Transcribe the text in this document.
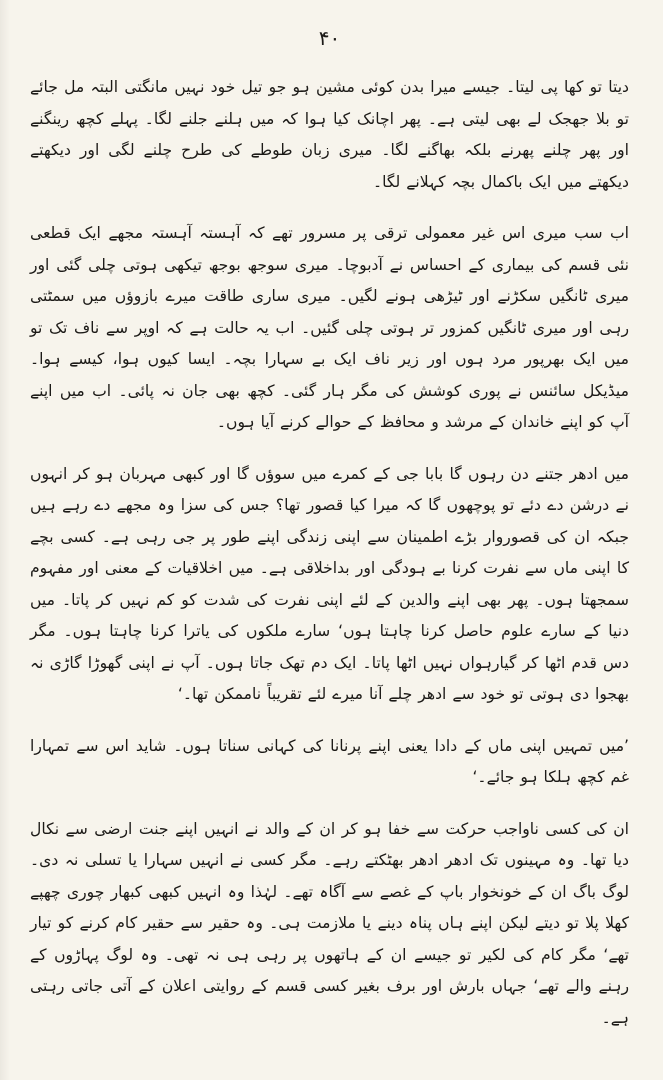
۴۰

دیتا تو کھا پی لیتا۔ جیسے میرا بدن کوئی مشین ہو جو تیل خود نہیں مانگتی البتہ مل جائے تو بلا جھجک لے بھی لیتی ہے۔ پھر اچانک کیا ہوا کہ میں ہلنے جلنے لگا۔ پہلے کچھ رینگنے اور پھر چلنے پھرنے بلکہ بھاگنے لگا۔ میری زبان طوطے کی طرح چلنے لگی اور دیکھتے دیکھتے میں ایک باکمال بچہ کہلانے لگا۔

اب سب میری اس غیر معمولی ترقی پر مسرور تھے کہ آہستہ آہستہ مجھے ایک قطعی نئی قسم کی بیماری کے احساس نے آدبوچا۔ میری سوجھ بوجھ تیکھی ہوتی چلی گئی اور میری ٹانگیں سکڑنے اور ٹیڑھی ہونے لگیں۔ میری ساری طاقت میرے بازوؤں میں سمٹتی رہی اور میری ٹانگیں کمزور تر ہوتی چلی گئیں۔ اب یہ حالت ہے کہ اوپر سے ناف تک تو میں ایک بھرپور مرد ہوں اور زیر ناف ایک بے سہارا بچہ۔ ایسا کیوں ہوا، کیسے ہوا۔ میڈیکل سائنس نے پوری کوشش کی مگر ہار گئی۔ کچھ بھی جان نہ پائی۔ اب میں اپنے آپ کو اپنے خاندان کے مرشد و محافظ کے حوالے کرنے آیا ہوں۔

میں ادھر جتنے دن رہوں گا بابا جی کے کمرے میں سوؤں گا اور کبھی مہربان ہو کر انہوں نے درشن دے دئے تو پوچھوں گا کہ میرا کیا قصور تھا؟ جس کی سزا وہ مجھے دے رہے ہیں جبکہ ان کی قصوروار بڑے اطمینان سے اپنی زندگی اپنے طور پر جی رہی ہے۔ کسی بچے کا اپنی ماں سے نفرت کرنا بے ہودگی اور بداخلاقی ہے۔ میں اخلاقیات کے معنی اور مفہوم سمجھتا ہوں۔ پھر بھی اپنے والدین کے لئے اپنی نفرت کی شدت کو کم نہیں کر پاتا۔ میں دنیا کے سارے علوم حاصل کرنا چاہتا ہوں‘ سارے ملکوں کی یاترا کرنا چاہتا ہوں۔ مگر دس قدم اٹھا کر گیارہواں نہیں اٹھا پاتا۔ ایک دم تھک جاتا ہوں۔ آپ نے اپنی گھوڑا گاڑی نہ بھجوا دی ہوتی تو خود سے ادھر چلے آنا میرے لئے تقریباً ناممکن تھا۔‘

’میں تمہیں اپنی ماں کے دادا یعنی اپنے پرنانا کی کہانی سناتا ہوں۔ شاید اس سے تمہارا غم کچھ ہلکا ہو جائے۔‘

ان کی کسی ناواجب حرکت سے خفا ہو کر ان کے والد نے انہیں اپنے جنت ارضی سے نکال دیا تھا۔ وہ مہینوں تک ادھر ادھر بھٹکتے رہے۔ مگر کسی نے انہیں سہارا یا تسلی نہ دی۔ لوگ باگ ان کے خونخوار باپ کے غصے سے آگاہ تھے۔ لہٰذا وہ انہیں کبھی کبھار چوری چھپے کھلا پلا تو دیتے لیکن اپنے ہاں پناہ دینے یا ملازمت ہی۔ وہ حقیر سے حقیر کام کرنے کو تیار تھے‘ مگر کام کی لکیر تو جیسے ان کے ہاتھوں پر رہی ہی نہ تھی۔ وہ لوگ پہاڑوں کے رہنے والے تھے‘ جہاں بارش اور برف بغیر کسی قسم کے روایتی اعلان کے آتی جاتی رہتی ہے۔
